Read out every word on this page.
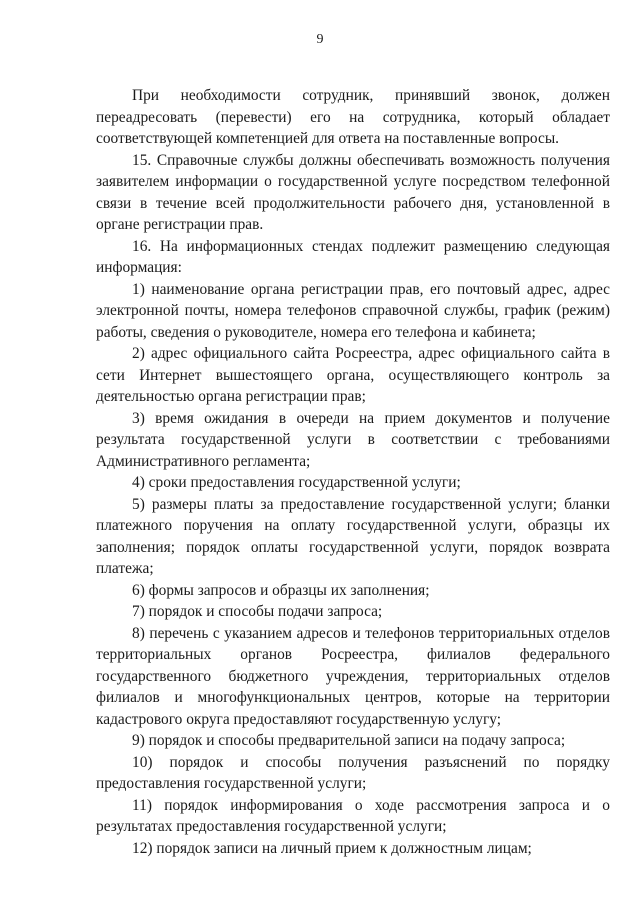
9

При необходимости сотрудник, принявший звонок, должен переадресовать (перевести) его на сотрудника, который обладает соответствующей компетенцией для ответа на поставленные вопросы.

15. Справочные службы должны обеспечивать возможность получения заявителем информации о государственной услуге посредством телефонной связи в течение всей продолжительности рабочего дня, установленной в органе регистрации прав.

16. На информационных стендах подлежит размещению следующая информация:

1) наименование органа регистрации прав, его почтовый адрес, адрес электронной почты, номера телефонов справочной службы, график (режим) работы, сведения о руководителе, номера его телефона и кабинета;

2) адрес официального сайта Росреестра, адрес официального сайта в сети Интернет вышестоящего органа, осуществляющего контроль за деятельностью органа регистрации прав;

3) время ожидания в очереди на прием документов и получение результата государственной услуги в соответствии с требованиями Административного регламента;

4) сроки предоставления государственной услуги;

5) размеры платы за предоставление государственной услуги; бланки платежного поручения на оплату государственной услуги, образцы их заполнения; порядок оплаты государственной услуги, порядок возврата платежа;

6) формы запросов и образцы их заполнения;

7) порядок и способы подачи запроса;

8) перечень с указанием адресов и телефонов территориальных отделов территориальных органов Росреестра, филиалов федерального государственного бюджетного учреждения, территориальных отделов филиалов и многофункциональных центров, которые на территории кадастрового округа предоставляют государственную услугу;

9) порядок и способы предварительной записи на подачу запроса;

10) порядок и способы получения разъяснений по порядку предоставления государственной услуги;

11) порядок информирования о ходе рассмотрения запроса и о результатах предоставления государственной услуги;

12) порядок записи на личный прием к должностным лицам;
